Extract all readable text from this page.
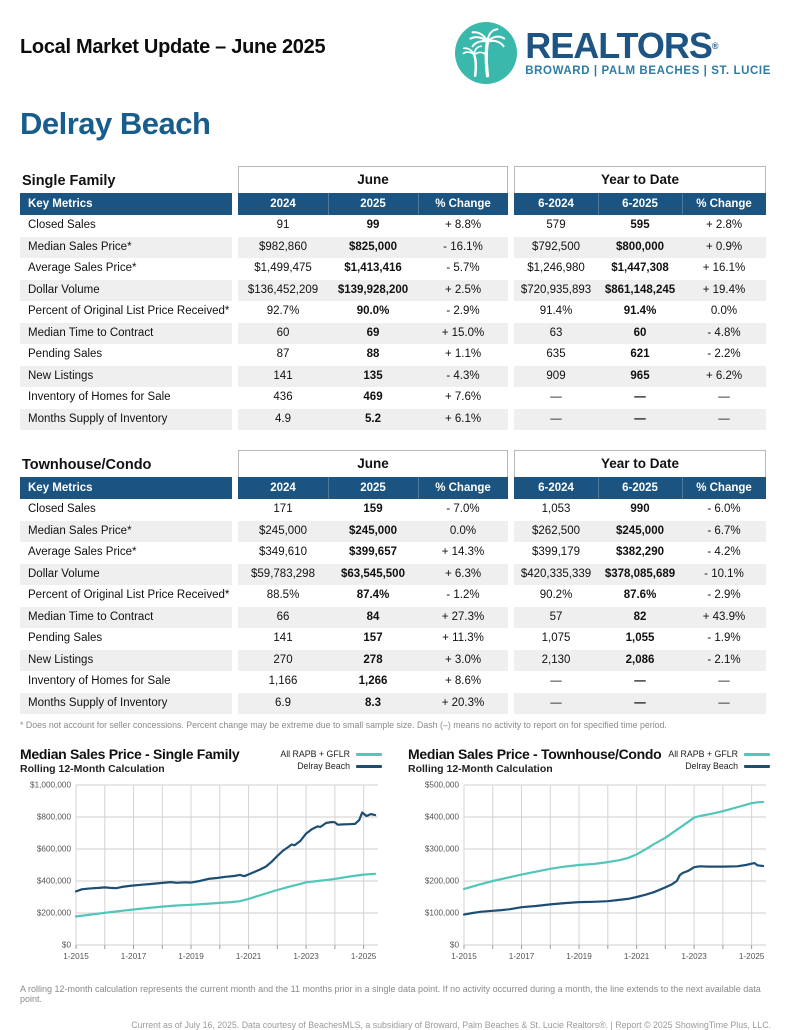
Local Market Update – June 2025	REALTORS®
BROWARD | PALM BEACHES | ST. LUCIE
Delray Beach
Single Family	June	Year to Date
Key Metrics	2024	2025	% Change	6-2024	6-2025	% Change
Closed Sales	91	99	+ 8.8%	579	595	+ 2.8%
Median Sales Price*	$982,860	$825,000	- 16.1%	$792,500	$800,000	+ 0.9%
Average Sales Price*	$1,499,475	$1,413,416	- 5.7%	$1,246,980	$1,447,308	+ 16.1%
Dollar Volume	$136,452,209	$139,928,200	+ 2.5%	$720,935,893	$861,148,245	+ 19.4%
Percent of Original List Price Received*	92.7%	90.0%	- 2.9%	91.4%	91.4%	0.0%
Median Time to Contract	60	69	+ 15.0%	63	60	- 4.8%
Pending Sales	87	88	+ 1.1%	635	621	- 2.2%
New Listings	141	135	- 4.3%	909	965	+ 6.2%
Inventory of Homes for Sale	436	469	+ 7.6%	—	—	—
Months Supply of Inventory	4.9	5.2	+ 6.1%	—	—	—
Townhouse/Condo	June	Year to Date
Key Metrics	2024	2025	% Change	6-2024	6-2025	% Change
Closed Sales	171	159	- 7.0%	1,053	990	- 6.0%
Median Sales Price*	$245,000	$245,000	0.0%	$262,500	$245,000	- 6.7%
Average Sales Price*	$349,610	$399,657	+ 14.3%	$399,179	$382,290	- 4.2%
Dollar Volume	$59,783,298	$63,545,500	+ 6.3%	$420,335,339	$378,085,689	- 10.1%
Percent of Original List Price Received*	88.5%	87.4%	- 1.2%	90.2%	87.6%	- 2.9%
Median Time to Contract	66	84	+ 27.3%	57	82	+ 43.9%
Pending Sales	141	157	+ 11.3%	1,075	1,055	- 1.9%
New Listings	270	278	+ 3.0%	2,130	2,086	- 2.1%
Inventory of Homes for Sale	1,166	1,266	+ 8.6%	—	—	—
Months Supply of Inventory	6.9	8.3	+ 20.3%	—	—	—
* Does not account for seller concessions. Percent change may be extreme due to small sample size. Dash (–) means no activity to report on for specified time period.
Median Sales Price - Single Family
Rolling 12-Month Calculation
All RAPB + GFLR
Delray Beach
$0
$200,000
$400,000
$600,000
$800,000
$1,000,000
1-2015	1-2017	1-2019	1-2021	1-2023	1-2025
Median Sales Price - Townhouse/Condo
Rolling 12-Month Calculation
All RAPB + GFLR
Delray Beach
$0
$100,000
$200,000
$300,000
$400,000
$500,000
1-2015	1-2017	1-2019	1-2021	1-2023	1-2025
A rolling 12-month calculation represents the current month and the 11 months prior in a single data point. If no activity occurred during a month, the line extends to the next available data point.
Current as of July 16, 2025. Data courtesy of BeachesMLS, a subsidiary of Broward, Palm Beaches & St. Lucie Realtors®. | Report © 2025 ShowingTime Plus, LLC.
